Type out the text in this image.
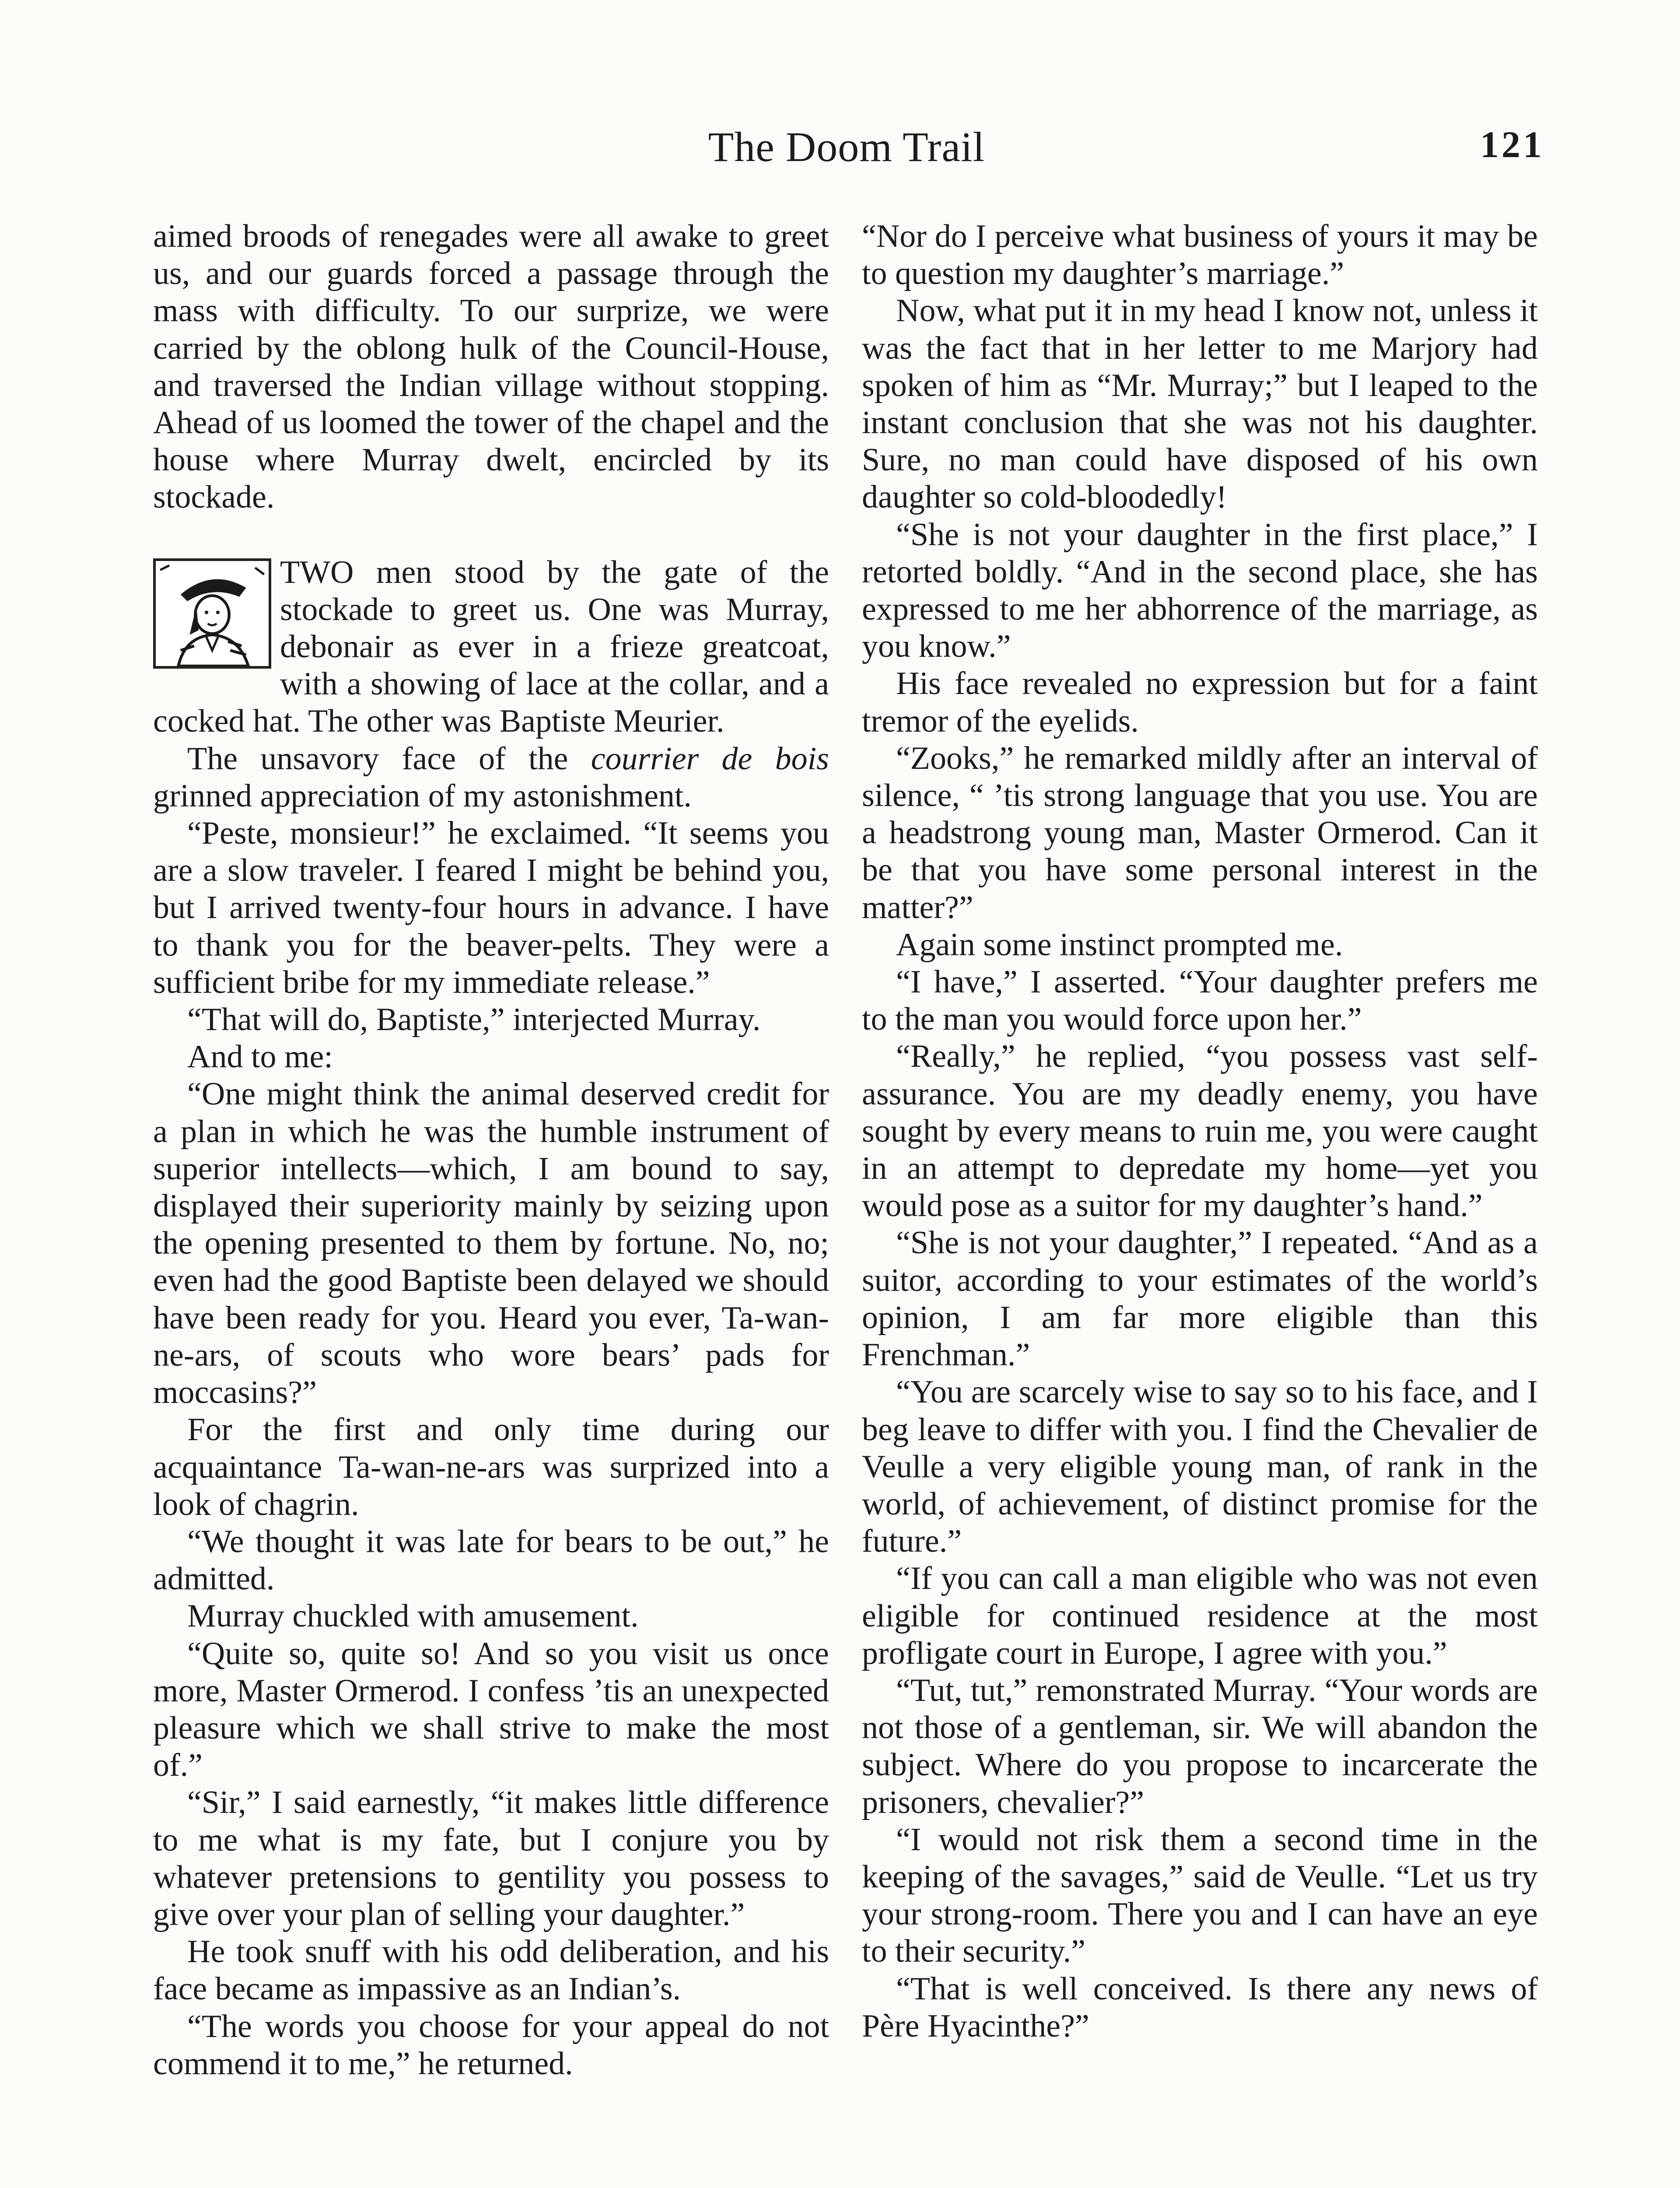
The Doom Trail	121

aimed broods of renegades were all awake to greet us, and our guards forced a passage through the mass with difficulty. To our surprize, we were carried by the oblong hulk of the Council-House, and traversed the Indian village without stopping. Ahead of us loomed the tower of the chapel and the house where Murray dwelt, encircled by its stockade.

TWO men stood by the gate of the stockade to greet us. One was Murray, debonair as ever in a frieze greatcoat, with a showing of lace at the collar, and a cocked hat. The other was Baptiste Meurier.

The unsavory face of the courrier de bois grinned appreciation of my astonishment.

“Peste, monsieur!” he exclaimed. “It seems you are a slow traveler. I feared I might be behind you, but I arrived twenty-four hours in advance. I have to thank you for the beaver-pelts. They were a sufficient bribe for my immediate release.”

“That will do, Baptiste,” interjected Murray.

And to me:

“One might think the animal deserved credit for a plan in which he was the humble instrument of superior intellects—which, I am bound to say, displayed their superiority mainly by seizing upon the opening presented to them by fortune. No, no; even had the good Baptiste been delayed we should have been ready for you. Heard you ever, Ta-wan-ne-ars, of scouts who wore bears’ pads for moccasins?”

For the first and only time during our acquaintance Ta-wan-ne-ars was surprized into a look of chagrin.

“We thought it was late for bears to be out,” he admitted.

Murray chuckled with amusement.

“Quite so, quite so! And so you visit us once more, Master Ormerod. I confess ’tis an unexpected pleasure which we shall strive to make the most of.”

“Sir,” I said earnestly, “it makes little difference to me what is my fate, but I conjure you by whatever pretensions to gentility you possess to give over your plan of selling your daughter.”

He took snuff with his odd deliberation, and his face became as impassive as an Indian’s.

“The words you choose for your appeal do not commend it to me,” he returned.

“Nor do I perceive what business of yours it may be to question my daughter’s marriage.”

Now, what put it in my head I know not, unless it was the fact that in her letter to me Marjory had spoken of him as “Mr. Murray;” but I leaped to the instant conclusion that she was not his daughter. Sure, no man could have disposed of his own daughter so cold-bloodedly!

“She is not your daughter in the first place,” I retorted boldly. “And in the second place, she has expressed to me her abhorrence of the marriage, as you know.”

His face revealed no expression but for a faint tremor of the eyelids.

“Zooks,” he remarked mildly after an interval of silence, “ ’tis strong language that you use. You are a headstrong young man, Master Ormerod. Can it be that you have some personal interest in the matter?”

Again some instinct prompted me.

“I have,” I asserted. “Your daughter prefers me to the man you would force upon her.”

“Really,” he replied, “you possess vast self-assurance. You are my deadly enemy, you have sought by every means to ruin me, you were caught in an attempt to depredate my home—yet you would pose as a suitor for my daughter’s hand.”

“She is not your daughter,” I repeated. “And as a suitor, according to your estimates of the world’s opinion, I am far more eligible than this Frenchman.”

“You are scarcely wise to say so to his face, and I beg leave to differ with you. I find the Chevalier de Veulle a very eligible young man, of rank in the world, of achievement, of distinct promise for the future.”

“If you can call a man eligible who was not even eligible for continued residence at the most profligate court in Europe, I agree with you.”

“Tut, tut,” remonstrated Murray. “Your words are not those of a gentleman, sir. We will abandon the subject. Where do you propose to incarcerate the prisoners, chevalier?”

“I would not risk them a second time in the keeping of the savages,” said de Veulle. “Let us try your strong-room. There you and I can have an eye to their security.”

“That is well conceived. Is there any news of Père Hyacinthe?”
